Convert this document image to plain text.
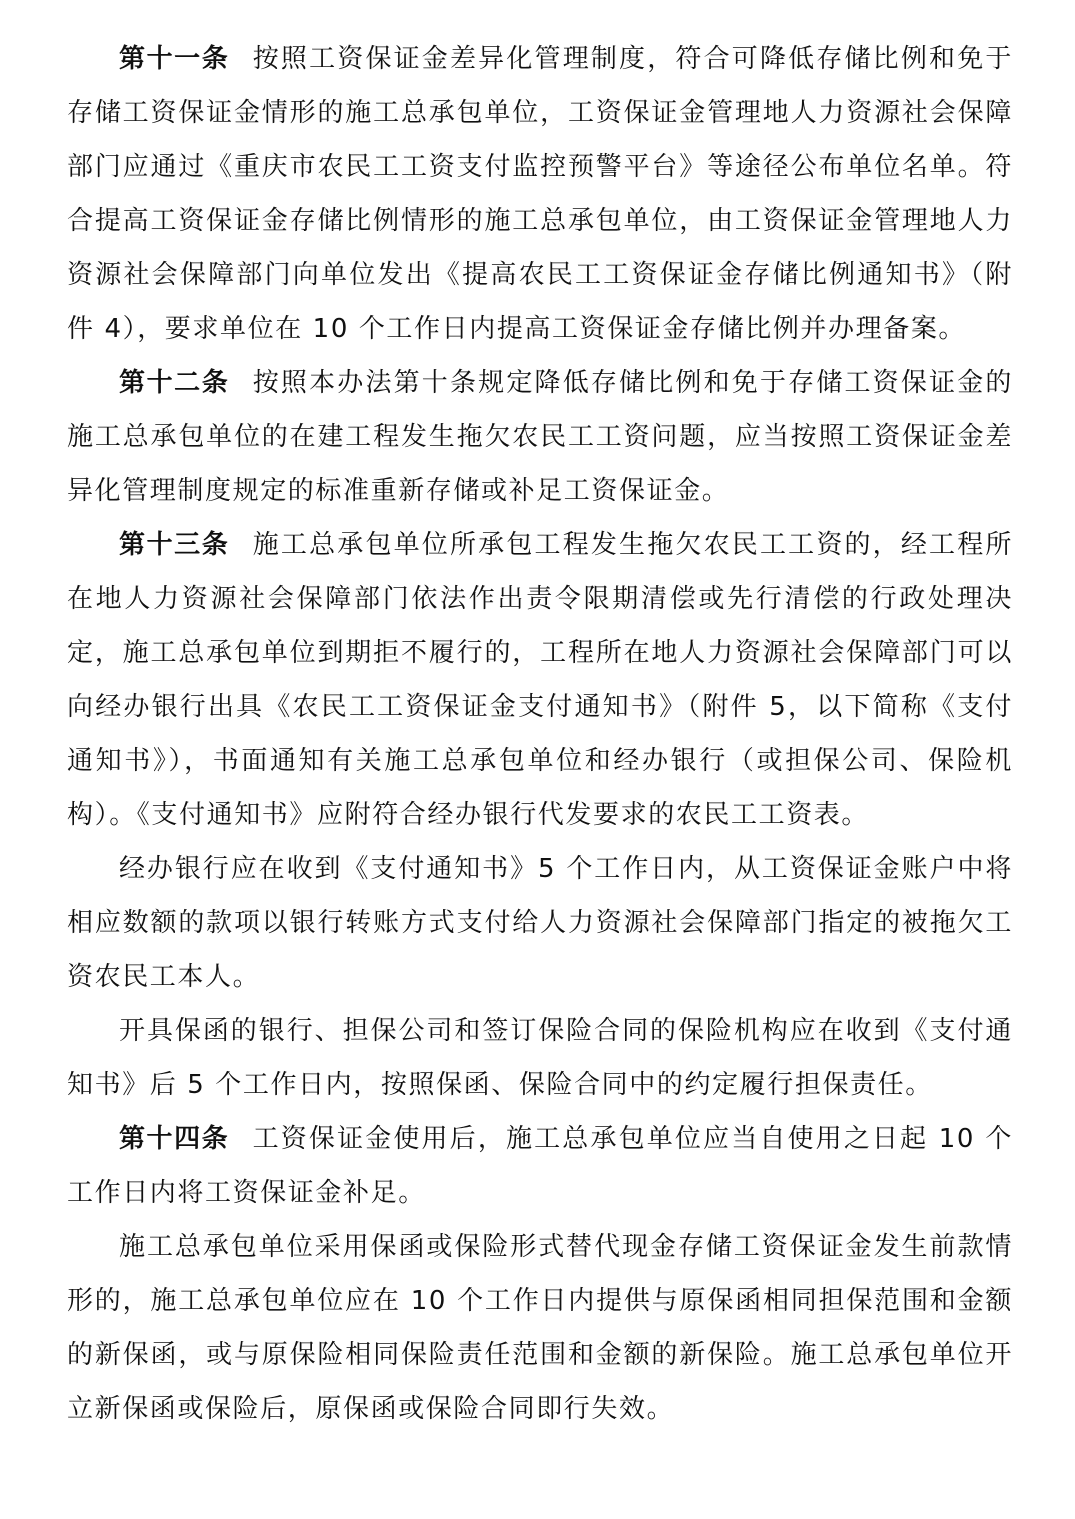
第十一条 按照工资保证金差异化管理制度，符合可降低存储比例和免于存储工资保证金情形的施工总承包单位，工资保证金管理地人力资源社会保障部门应通过《重庆市农民工工资支付监控预警平台》等途径公布单位名单。符合提高工资保证金存储比例情形的施工总承包单位，由工资保证金管理地人力资源社会保障部门向单位发出《提高农民工工资保证金存储比例通知书》（附件 4），要求单位在 10 个工作日内提高工资保证金存储比例并办理备案。

第十二条 按照本办法第十条规定降低存储比例和免于存储工资保证金的施工总承包单位的在建工程发生拖欠农民工工资问题，应当按照工资保证金差异化管理制度规定的标准重新存储或补足工资保证金。

第十三条 施工总承包单位所承包工程发生拖欠农民工工资的，经工程所在地人力资源社会保障部门依法作出责令限期清偿或先行清偿的行政处理决定，施工总承包单位到期拒不履行的，工程所在地人力资源社会保障部门可以向经办银行出具《农民工工资保证金支付通知书》（附件 5，以下简称《支付通知书》），书面通知有关施工总承包单位和经办银行（或担保公司、保险机构）。《支付通知书》应附符合经办银行代发要求的农民工工资表。

经办银行应在收到《支付通知书》5 个工作日内，从工资保证金账户中将相应数额的款项以银行转账方式支付给人力资源社会保障部门指定的被拖欠工资农民工本人。

开具保函的银行、担保公司和签订保险合同的保险机构应在收到《支付通知书》后 5 个工作日内，按照保函、保险合同中的约定履行担保责任。

第十四条 工资保证金使用后，施工总承包单位应当自使用之日起 10 个工作日内将工资保证金补足。

施工总承包单位采用保函或保险形式替代现金存储工资保证金发生前款情形的，施工总承包单位应在 10 个工作日内提供与原保函相同担保范围和金额的新保函，或与原保险相同保险责任范围和金额的新保险。施工总承包单位开立新保函或保险后，原保函或保险合同即行失效。
